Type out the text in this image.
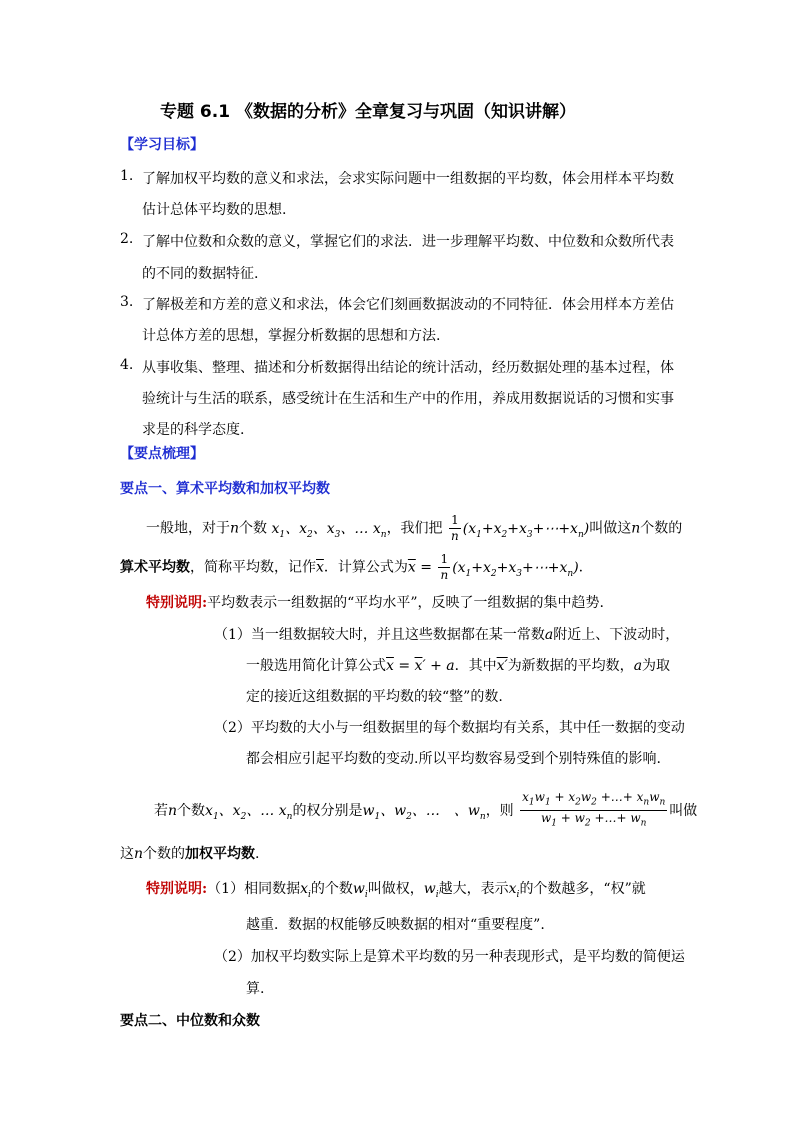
专题 6.1 《数据的分析》全章复习与巩固（知识讲解）
【学习目标】
1. 了解加权平均数的意义和求法，会求实际问题中一组数据的平均数，体会用样本平均数
估计总体平均数的思想.
2. 了解中位数和众数的意义，掌握它们的求法．进一步理解平均数、中位数和众数所代表
的不同的数据特征.
3. 了解极差和方差的意义和求法，体会它们刻画数据波动的不同特征．体会用样本方差估
计总体方差的思想，掌握分析数据的思想和方法.
4. 从事收集、整理、描述和分析数据得出结论的统计活动，经历数据处理的基本过程，体
验统计与生活的联系，感受统计在生活和生产中的作用，养成用数据说话的习惯和实事
求是的科学态度.
【要点梳理】
要点一、算术平均数和加权平均数
一般地，对于n个数 $x_1$、$x_2$、$x_3$、… $x_n$，我们把 $\frac{1}{n}$ $(x_1+x_2+x_3+\cdots+x_n)$叫做这n个数的
算术平均数，简称平均数，记作$\overline{x}$．计算公式为$\overline{x} = \frac{1}{n}$ $(x_1+x_2+x_3+\cdots+x_n)$.
特别说明:平均数表示一组数据的“平均水平”，反映了一组数据的集中趋势.
（1）当一组数据较大时，并且这些数据都在某一常数a附近上、下波动时，
一般选用简化计算公式$\overline{x} = \overline{x}' + a$．其中x′为新数据的平均数，a为取
定的接近这组数据的平均数的较“整”的数.
（2）平均数的大小与一组数据里的每个数据均有关系，其中任一数据的变动
都会相应引起平均数的变动.所以平均数容易受到个别特殊值的影响.
若n个数$x_1$、$x_2$、… $x_n$的权分别是$w_1$、$w_2$、…　、$w_n$，则 $\frac{x_1w_1 + x_2w_2 +\dots+ x_nw_n}{w_1 + w_2 +\dots+ w_n}$ 叫做
这n个数的加权平均数.
特别说明:（1）相同数据$x_i$的个数$w_i$叫做权，$w_i$越大，表示$x_i$的个数越多，“权”就
越重．数据的权能够反映数据的相对“重要程度”.
（2）加权平均数实际上是算术平均数的另一种表现形式，是平均数的简便运
算.
要点二、中位数和众数
